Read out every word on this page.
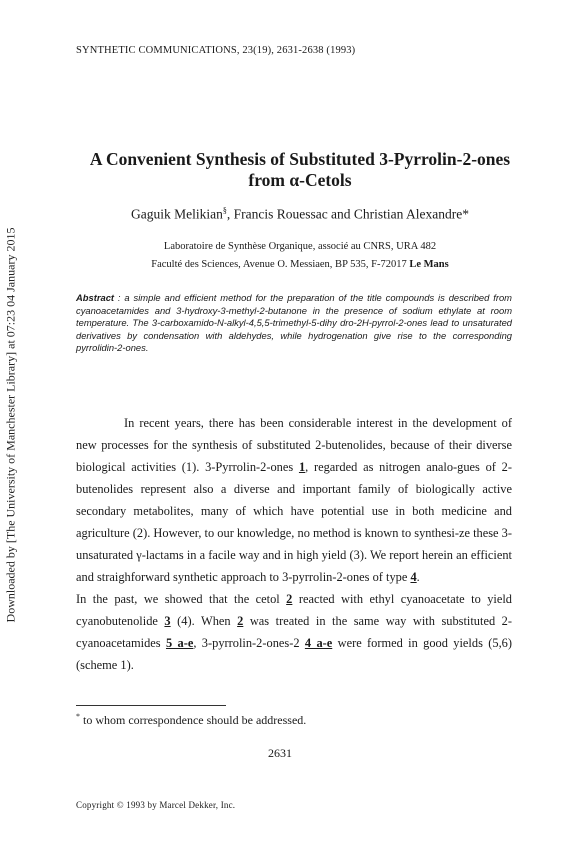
Downloaded by [The University of Manchester Library] at 07:23 04 January 2015
SYNTHETIC COMMUNICATIONS, 23(19), 2631-2638 (1993)
A Convenient Synthesis of Substituted 3-Pyrrolin-2-ones
from α-Cetols
Gaguik Melikian§, Francis Rouessac and Christian Alexandre*
Laboratoire de Synthèse Organique, associé au CNRS, URA 482
Faculté des Sciences, Avenue O. Messiaen, BP 535, F-72017 Le Mans
Abstract : a simple and efficient method for the preparation of the title compounds is described from cyanoacetamides and 3-hydroxy-3-methyl-2-butanone in the presence of sodium ethylate at room temperature. The 3-carboxamido-N-alkyl-4,5,5-trimethyl-5-dihy dro-2H-pyrrol-2-ones lead to unsaturated derivatives by condensation with aldehydes, while hydrogenation give rise to the corresponding pyrrolidin-2-ones.

In recent years, there has been considerable interest in the development of new processes for the synthesis of substituted 2-butenolides, because of their diverse biological activities (1). 3-Pyrrolin-2-ones 1, regarded as nitrogen analo-gues of 2-butenolides represent also a diverse and important family of biologically active secondary metabolites, many of which have potential use in both medicine and agriculture (2). However, to our knowledge, no method is known to synthesi-ze these 3-unsaturated γ-lactams in a facile way and in high yield (3). We report herein an efficient and straighforward synthetic approach to 3-pyrrolin-2-ones of type 4.

In the past, we showed that the cetol 2 reacted with ethyl cyanoacetate to yield cyanobutenolide 3 (4). When 2 was treated in the same way with substituted 2-cyanoacetamides 5 a-e, 3-pyrrolin-2-ones-2 4 a-e were formed in good yields (5,6) (scheme 1).

* to whom correspondence should be addressed.
2631
Copyright © 1993 by Marcel Dekker, Inc.
